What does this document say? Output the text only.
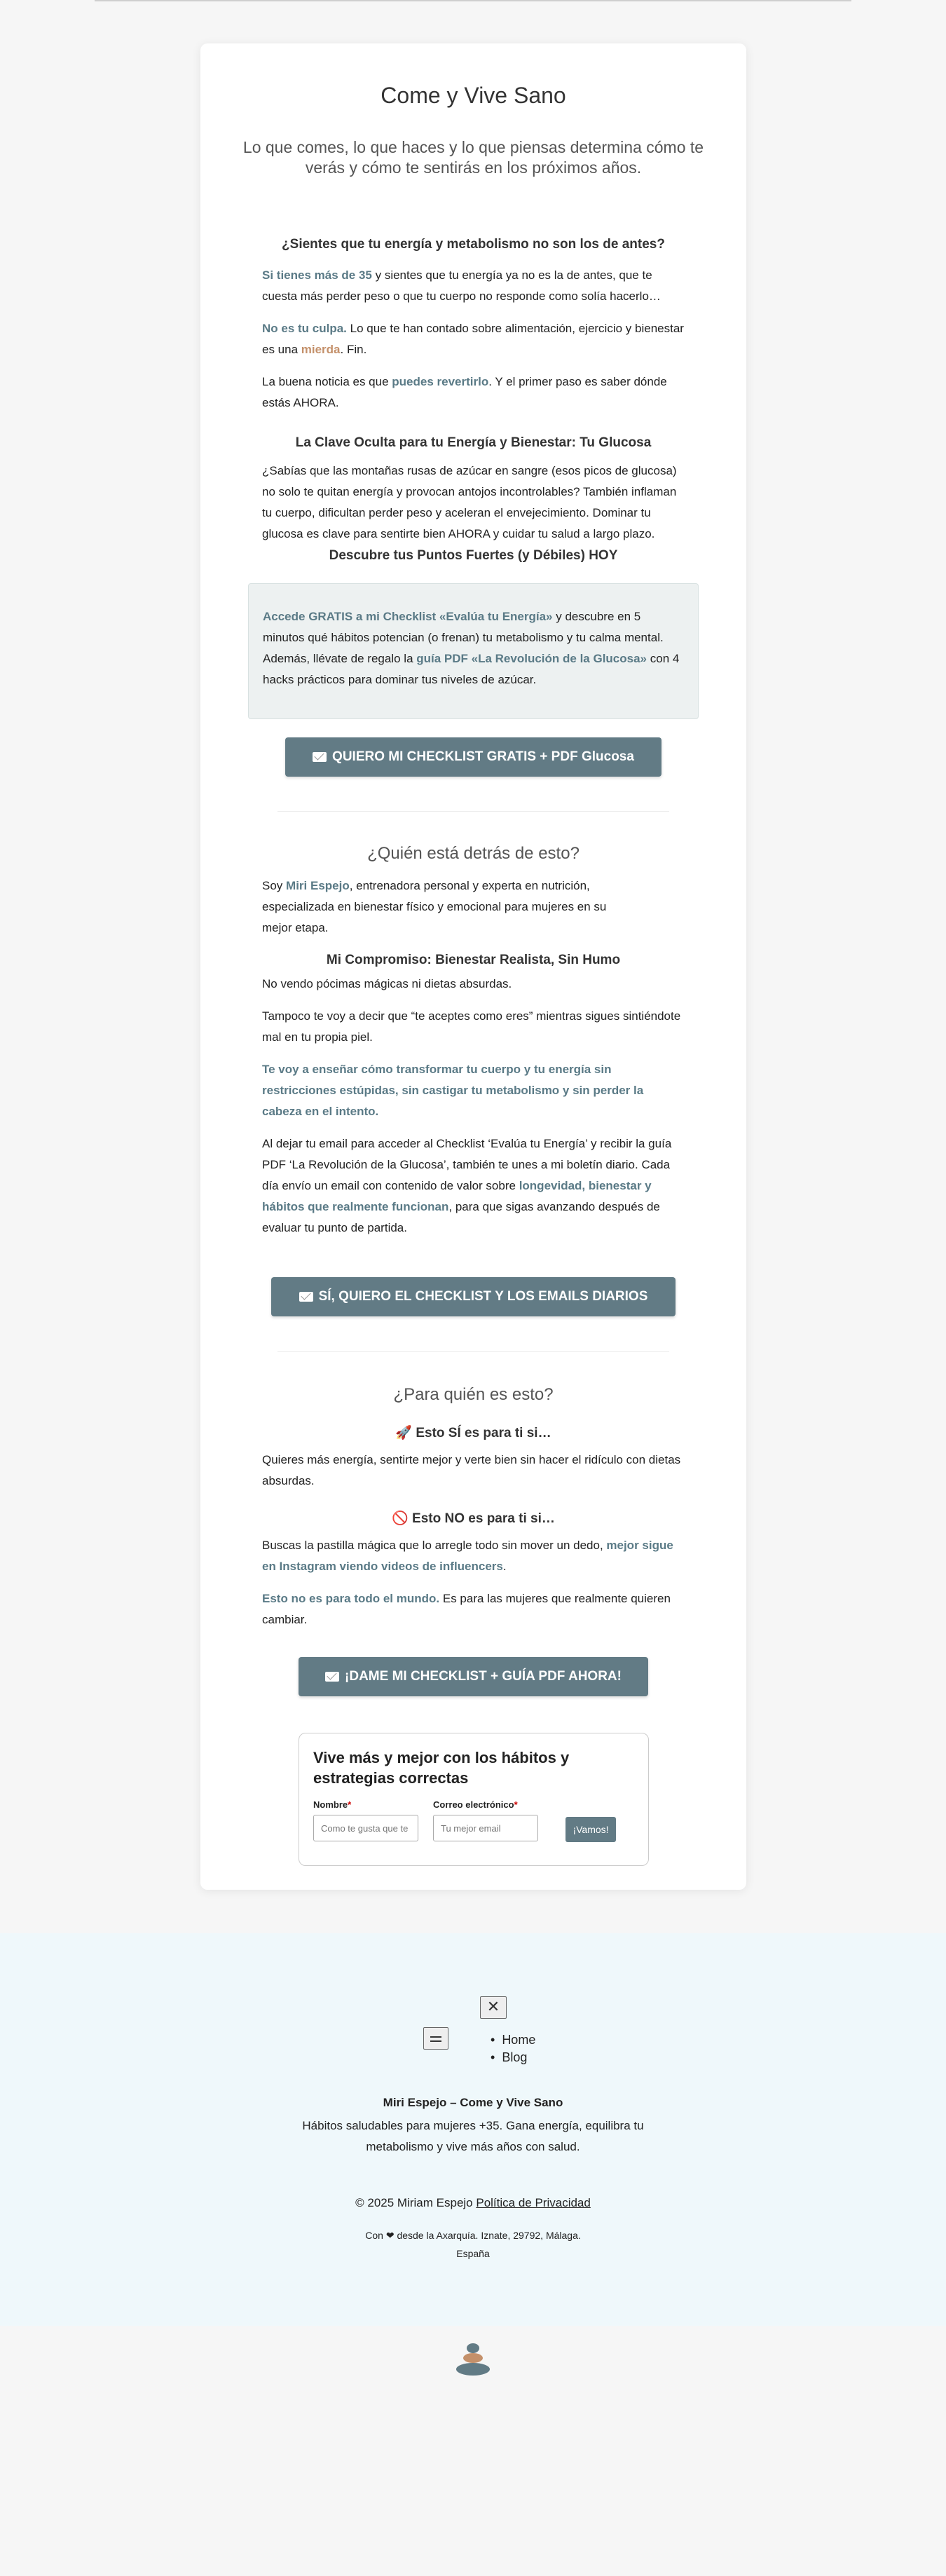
Come y Vive Sano
Lo que comes, lo que haces y lo que piensas determina cómo te verás y cómo te sentirás en los próximos años.
¿Sientes que tu energía y metabolismo no son los de antes?

Si tienes más de 35 y sientes que tu energía ya no es la de antes, que te cuesta más perder peso o que tu cuerpo no responde como solía hacerlo…

No es tu culpa. Lo que te han contado sobre alimentación, ejercicio y bienestar es una mierda. Fin.

La buena noticia es que puedes revertirlo. Y el primer paso es saber dónde estás AHORA.

La Clave Oculta para tu Energía y Bienestar: Tu Glucosa

¿Sabías que las montañas rusas de azúcar en sangre (esos picos de glucosa) no solo te quitan energía y provocan antojos incontrolables? También inflaman tu cuerpo, dificultan perder peso y aceleran el envejecimiento. Dominar tu glucosa es clave para sentirte bien AHORA y cuidar tu salud a largo plazo.

Descubre tus Puntos Fuertes (y Débiles) HOY

Accede GRATIS a mi Checklist «Evalúa tu Energía» y descubre en 5 minutos qué hábitos potencian (o frenan) tu metabolismo y tu calma mental. Además, llévate de regalo la guía PDF «La Revolución de la Glucosa» con 4 hacks prácticos para dominar tus niveles de azúcar.

QUIERO MI CHECKLIST GRATIS + PDF Glucosa
¿Quién está detrás de esto?

Soy Miri Espejo, entrenadora personal y experta en nutrición, especializada en bienestar físico y emocional para mujeres en su mejor etapa.

Mi Compromiso: Bienestar Realista, Sin Humo

No vendo pócimas mágicas ni dietas absurdas.

Tampoco te voy a decir que “te aceptes como eres” mientras sigues sintiéndote mal en tu propia piel.

Te voy a enseñar cómo transformar tu cuerpo y tu energía sin restricciones estúpidas, sin castigar tu metabolismo y sin perder la cabeza en el intento.

Al dejar tu email para acceder al Checklist ‘Evalúa tu Energía’ y recibir la guía PDF ‘La Revolución de la Glucosa’, también te unes a mi boletín diario. Cada día envío un email con contenido de valor sobre longevidad, bienestar y hábitos que realmente funcionan, para que sigas avanzando después de evaluar tu punto de partida.

SÍ, QUIERO EL CHECKLIST Y LOS EMAILS DIARIOS
¿Para quién es esto?
🚀 Esto SÍ es para ti si…

Quieres más energía, sentirte mejor y verte bien sin hacer el ridículo con dietas absurdas.

🚫 Esto NO es para ti si…

Buscas la pastilla mágica que lo arregle todo sin mover un dedo, mejor sigue en Instagram viendo videos de influencers.

Esto no es para todo el mundo. Es para las mujeres que realmente quieren cambiar.

¡DAME MI CHECKLIST + GUÍA PDF AHORA!
Vive más y mejor con los hábitos y estrategias correctas
Nombre*	Correo electrónico*
Como te gusta que te llamen
Tu mejor email
¡Vamos!
✕
• Home
• Blog
Miri Espejo – Come y Vive Sano
Hábitos saludables para mujeres +35. Gana energía, equilibra tu metabolismo y vive más años con salud.
© 2025 Miriam Espejo Política de Privacidad
Con ❤ desde la Axarquía. Iznate, 29792, Málaga.
España
